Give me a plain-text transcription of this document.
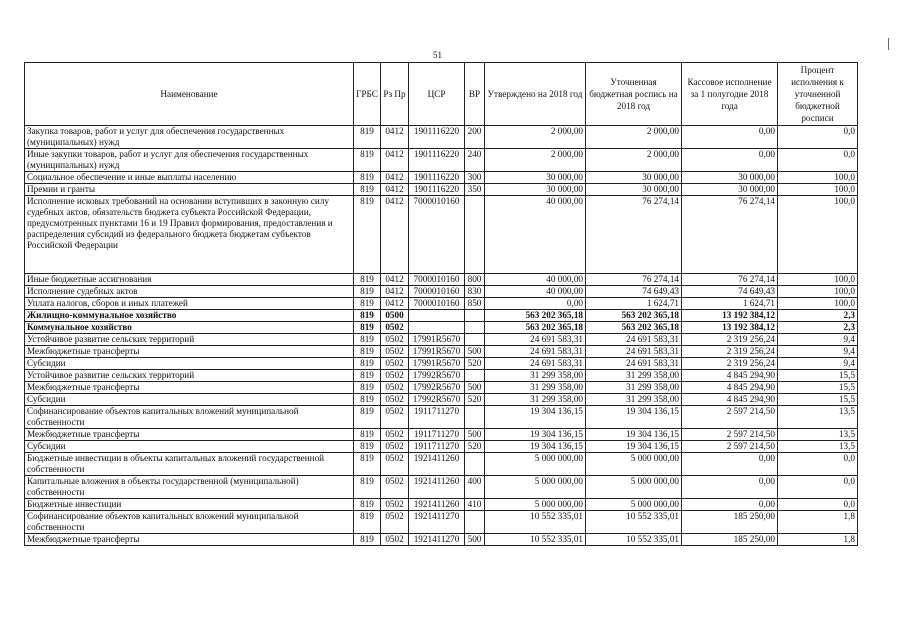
51
Наименование	ГРБС	Рз Пр	ЦСР	ВР	Утверждено на 2018 год	Уточненная бюджетная роспись на 2018 год	Кассовое исполнение за 1 полугодие 2018 года	Процент исполнения к уточненной бюджетной росписи
Закупка товаров, работ и услуг для обеспечения государственных (муниципальных) нужд	819	0412	1901116220	200	2 000,00	2 000,00	0,00	0,0
Иные закупки товаров, работ и услуг для обеспечения государственных (муниципальных) нужд	819	0412	1901116220	240	2 000,00	2 000,00	0,00	0,0
Социальное обеспечение и иные выплаты населению	819	0412	1901116220	300	30 000,00	30 000,00	30 000,00	100,0
Премии и гранты	819	0412	1901116220	350	30 000,00	30 000,00	30 000,00	100,0
Исполнение исковых требований на основании вступивших в законную силу судебных актов, обязательств бюджета субъекта Российской Федерации, предусмотренных пунктами 16 и 19 Правил формирования, предоставления и распределения субсидий из федерального бюджета бюджетам субъектов Российской Федерации	819	0412	7000010160		40 000,00	76 274,14	76 274,14	100,0
Иные бюджетные ассигнования	819	0412	7000010160	800	40 000,00	76 274,14	76 274,14	100,0
Исполнение судебных актов	819	0412	7000010160	830	40 000,00	74 649,43	74 649,43	100,0
Уплата налогов, сборов и иных платежей	819	0412	7000010160	850	0,00	1 624,71	1 624,71	100,0
Жилищно-коммунальное хозяйство	819	0500			563 202 365,18	563 202 365,18	13 192 384,12	2,3
Коммунальное хозяйство	819	0502			563 202 365,18	563 202 365,18	13 192 384,12	2,3
Устойчивое развитие сельских территорий	819	0502	17991R5670		24 691 583,31	24 691 583,31	2 319 256,24	9,4
Межбюджетные трансферты	819	0502	17991R5670	500	24 691 583,31	24 691 583,31	2 319 256,24	9,4
Субсидии	819	0502	17991R5670	520	24 691 583,31	24 691 583,31	2 319 256,24	9,4
Устойчивое развитие сельских территорий	819	0502	17992R5670		31 299 358,00	31 299 358,00	4 845 294,90	15,5
Межбюджетные трансферты	819	0502	17992R5670	500	31 299 358,00	31 299 358,00	4 845 294,90	15,5
Субсидии	819	0502	17992R5670	520	31 299 358,00	31 299 358,00	4 845 294,90	15,5
Софинансирование объектов капитальных вложений муниципальной собственности	819	0502	1911711270		19 304 136,15	19 304 136,15	2 597 214,50	13,5
Межбюджетные трансферты	819	0502	1911711270	500	19 304 136,15	19 304 136,15	2 597 214,50	13,5
Субсидии	819	0502	1911711270	520	19 304 136,15	19 304 136,15	2 597 214,50	13,5
Бюджетные инвестиции в объекты капитальных вложений государственной собственности	819	0502	1921411260		5 000 000,00	5 000 000,00	0,00	0,0
Капитальные вложения в объекты государственной (муниципальной) собственности	819	0502	1921411260	400	5 000 000,00	5 000 000,00	0,00	0,0
Бюджетные инвестиции	819	0502	1921411260	410	5 000 000,00	5 000 000,00	0,00	0,0
Софинансирование объектов капитальных вложений муниципальной собственности	819	0502	1921411270		10 552 335,01	10 552 335,01	185 250,00	1,8
Межбюджетные трансферты	819	0502	1921411270	500	10 552 335,01	10 552 335,01	185 250,00	1,8
